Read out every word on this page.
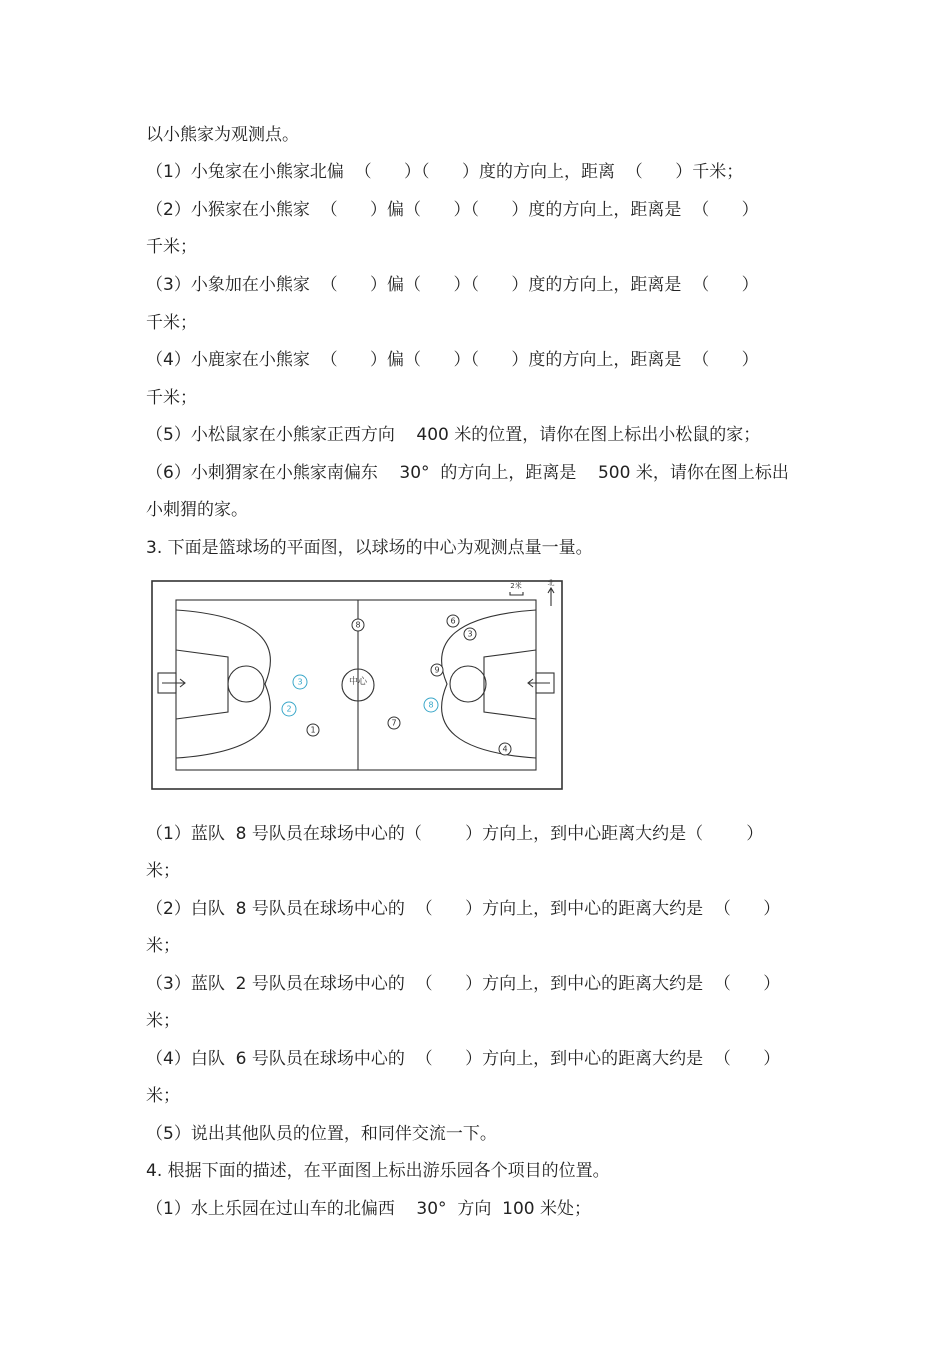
以小熊家为观测点。
（1）小兔家在小熊家北偏  （      ）（      ）度的方向上，距离  （      ）千米；
（2）小猴家在小熊家  （      ）偏（      ）（      ）度的方向上，距离是  （      ）
千米；
（3）小象加在小熊家  （      ）偏（      ）（      ）度的方向上，距离是  （      ）
千米；
（4）小鹿家在小熊家  （      ）偏（      ）（      ）度的方向上，距离是  （      ）
千米；
（5）小松鼠家在小熊家正西方向    400 米的位置，请你在图上标出小松鼠的家；
（6）小刺猬家在小熊家南偏东    30°  的方向上，距离是    500 米，请你在图上标出
小刺猬的家。
3. 下面是篮球场的平面图，以球场的中心为观测点量一量。
2米	北
中心
8	6
3
9
7
4
1
3
2	8
（1）蓝队  8 号队员在球场中心的（        ）方向上，到中心距离大约是（        ）
米；
（2）白队  8 号队员在球场中心的  （      ）方向上，到中心的距离大约是  （      ）
米；
（3）蓝队  2 号队员在球场中心的  （      ）方向上，到中心的距离大约是  （      ）
米；
（4）白队  6 号队员在球场中心的  （      ）方向上，到中心的距离大约是  （      ）
米；
（5）说出其他队员的位置，和同伴交流一下。
4. 根据下面的描述，在平面图上标出游乐园各个项目的位置。
（1）水上乐园在过山车的北偏西    30°  方向  100 米处；
